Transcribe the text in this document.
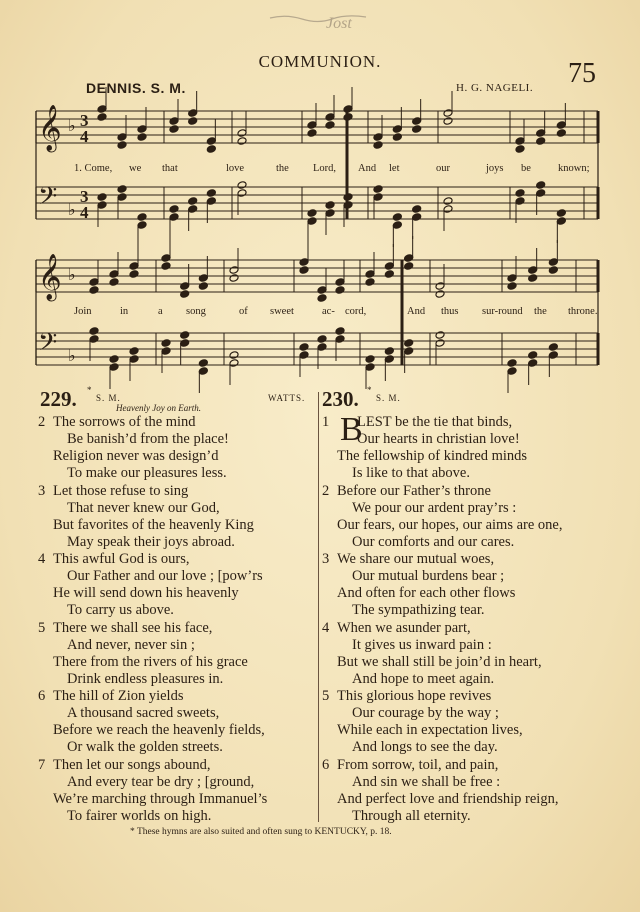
Jost
COMMUNION.	75
DENNIS. S. M.	H. G. NAGELI.
𝄞 ♭
𝄢 ♭
𝄞 ♭
𝄢 ♭
3
4
3
4
1. Come, we that	love	the Lord, And let	our	joys be	known;
Join	in	a song	of sweet	ac- cord,	And thus sur-round the throne.
229. *
S. M.
Heavenly Joy on Earth.
WATTS. 230. *
S. M.
2 The sorrows of the mind
Be banish’d from the place!
Religion never was design’d
To make our pleasures less.
3 Let those refuse to sing
That never knew our God,
But favorites of the heavenly King
May speak their joys abroad.
4 This awful God is ours,
Our Father and our love ; [pow’rs
He will send down his heavenly
To carry us above.
5 There we shall see his face,
And never, never sin ;
There from the rivers of his grace
Drink endless pleasures in.
6 The hill of Zion yields
A thousand sacred sweets,
Before we reach the heavenly fields,
Or walk the golden streets.
7 Then let our songs abound,
And every tear be dry ; [ground,
We’re marching through Immanuel’s
To fairer worlds on high.
1 LEST be the tie that binds,
Our hearts in christian love!
The fellowship of kindred minds
Is like to that above.
2 Before our Father’s throne
We pour our ardent pray’rs :
Our fears, our hopes, our aims are one,
Our comforts and our cares.
3 We share our mutual woes,
Our mutual burdens bear ;
And often for each other flows
The sympathizing tear.
4 When we asunder part,
It gives us inward pain :
But we shall still be join’d in heart,
And hope to meet again.
5 This glorious hope revives
Our courage by the way ;
While each in expectation lives,
And longs to see the day.
6 From sorrow, toil, and pain,
And sin we shall be free :
And perfect love and friendship reign,
Through all eternity.
B
* These hymns are also suited and often sung to KENTUCKY, p. 18.
